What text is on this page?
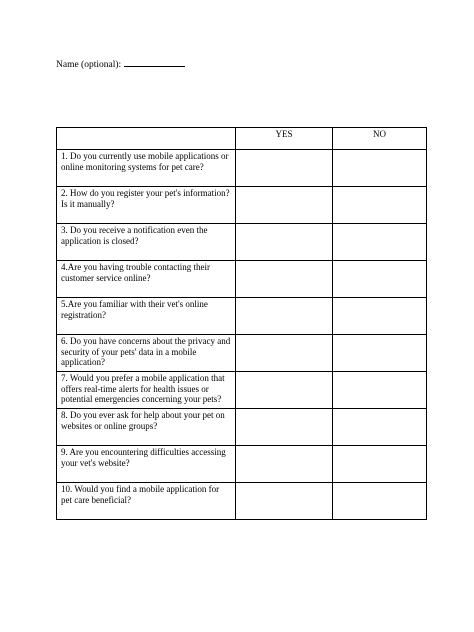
Name (optional):
	YES	NO
1. Do you currently use mobile applications or online monitoring systems for pet care?		
2. How do you register your pet's information? Is it manually?		
3. Do you receive a notification even the application is closed?		
4.Are you having trouble contacting their customer service online?		
5.Are you familiar with their vet's online registration?		
6. Do you have concerns about the privacy and security of your pets' data in a mobile application?		
7. Would you prefer a mobile application that offers real-time alerts for health issues or potential emergencies concerning your pets?		
8. Do you ever ask for help about your pet on websites or online groups?		
9. Are you encountering difficulties accessing your vet's website?		
10. Would you find a mobile application for pet care beneficial?		
